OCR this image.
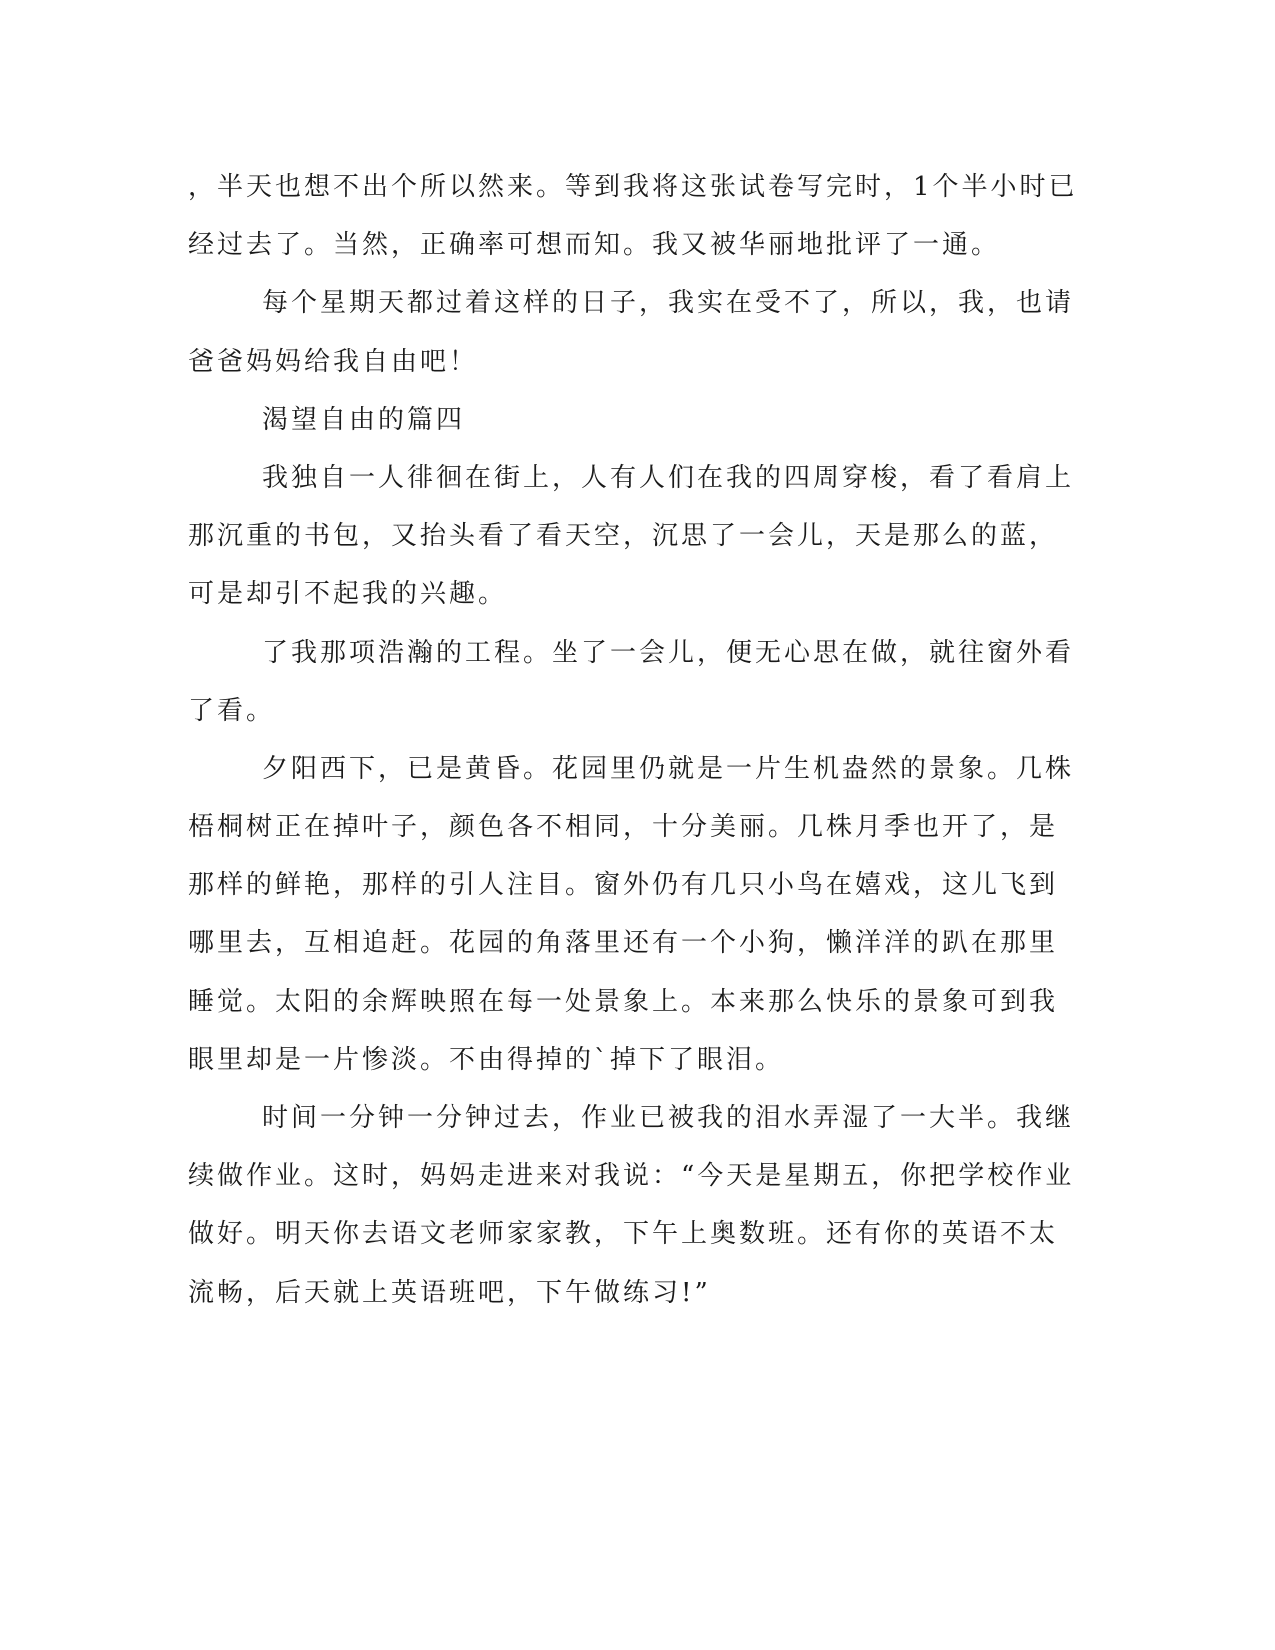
，半天也想不出个所以然来。等到我将这张试卷写完时，1个半小时已
经过去了。当然，正确率可想而知。我又被华丽地批评了一通。
每个星期天都过着这样的日子，我实在受不了，所以，我，也请
爸爸妈妈给我自由吧！
渴望自由的篇四
我独自一人徘徊在街上，人有人们在我的四周穿梭，看了看肩上
那沉重的书包，又抬头看了看天空，沉思了一会儿，天是那么的蓝，
可是却引不起我的兴趣。
了我那项浩瀚的工程。坐了一会儿，便无心思在做，就往窗外看
了看。
夕阳西下，已是黄昏。花园里仍就是一片生机盎然的景象。几株
梧桐树正在掉叶子，颜色各不相同，十分美丽。几株月季也开了，是
那样的鲜艳，那样的引人注目。窗外仍有几只小鸟在嬉戏，这儿飞到
哪里去，互相追赶。花园的角落里还有一个小狗，懒洋洋的趴在那里
睡觉。太阳的余辉映照在每一处景象上。本来那么快乐的景象可到我
眼里却是一片惨淡。不由得掉的`掉下了眼泪。
时间一分钟一分钟过去，作业已被我的泪水弄湿了一大半。我继
续做作业。这时，妈妈走进来对我说：“今天是星期五，你把学校作业
做好。明天你去语文老师家家教，下午上奥数班。还有你的英语不太
流畅，后天就上英语班吧，下午做练习!”
